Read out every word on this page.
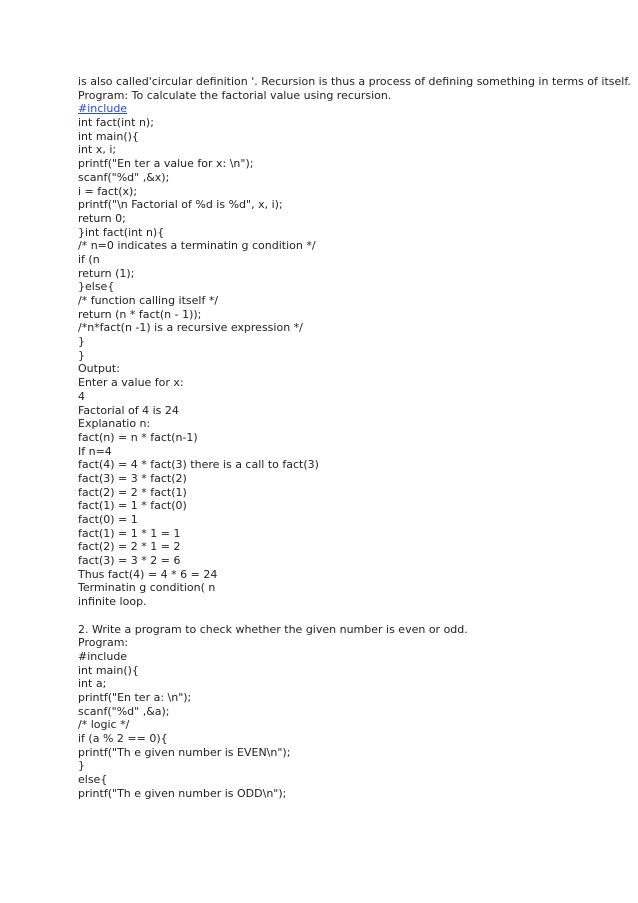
is also called'circular definition '. Recursion is thus a process of defining something in terms of itself.
Program: To calculate the factorial value using recursion.
#include
int fact(int n);
int main(){
int x, i;
printf("En ter a value for x: \n");
scanf("%d" ,&x);
i = fact(x);
printf("\n Factorial of %d is %d", x, i);
return 0;
}int fact(int n){
/* n=0 indicates a terminatin g condition */
if (n
return (1);
}else{
/* function calling itself */
return (n * fact(n - 1));
/*n*fact(n -1) is a recursive expression */
}
}
Output:
Enter a value for x:
4
Factorial of 4 is 24
Explanatio n:
fact(n) = n * fact(n-1)
If n=4
fact(4) = 4 * fact(3) there is a call to fact(3)
fact(3) = 3 * fact(2)
fact(2) = 2 * fact(1)
fact(1) = 1 * fact(0)
fact(0) = 1
fact(1) = 1 * 1 = 1
fact(2) = 2 * 1 = 2
fact(3) = 3 * 2 = 6
Thus fact(4) = 4 * 6 = 24
Terminatin g condition( n
infinite loop.
2. Write a program to check whether the given number is even or odd.
Program:
#include
int main(){
int a;
printf("En ter a: \n");
scanf("%d" ,&a);
/* logic */
if (a % 2 == 0){
printf("Th e given number is EVEN\n");
}
else{
printf("Th e given number is ODD\n");
